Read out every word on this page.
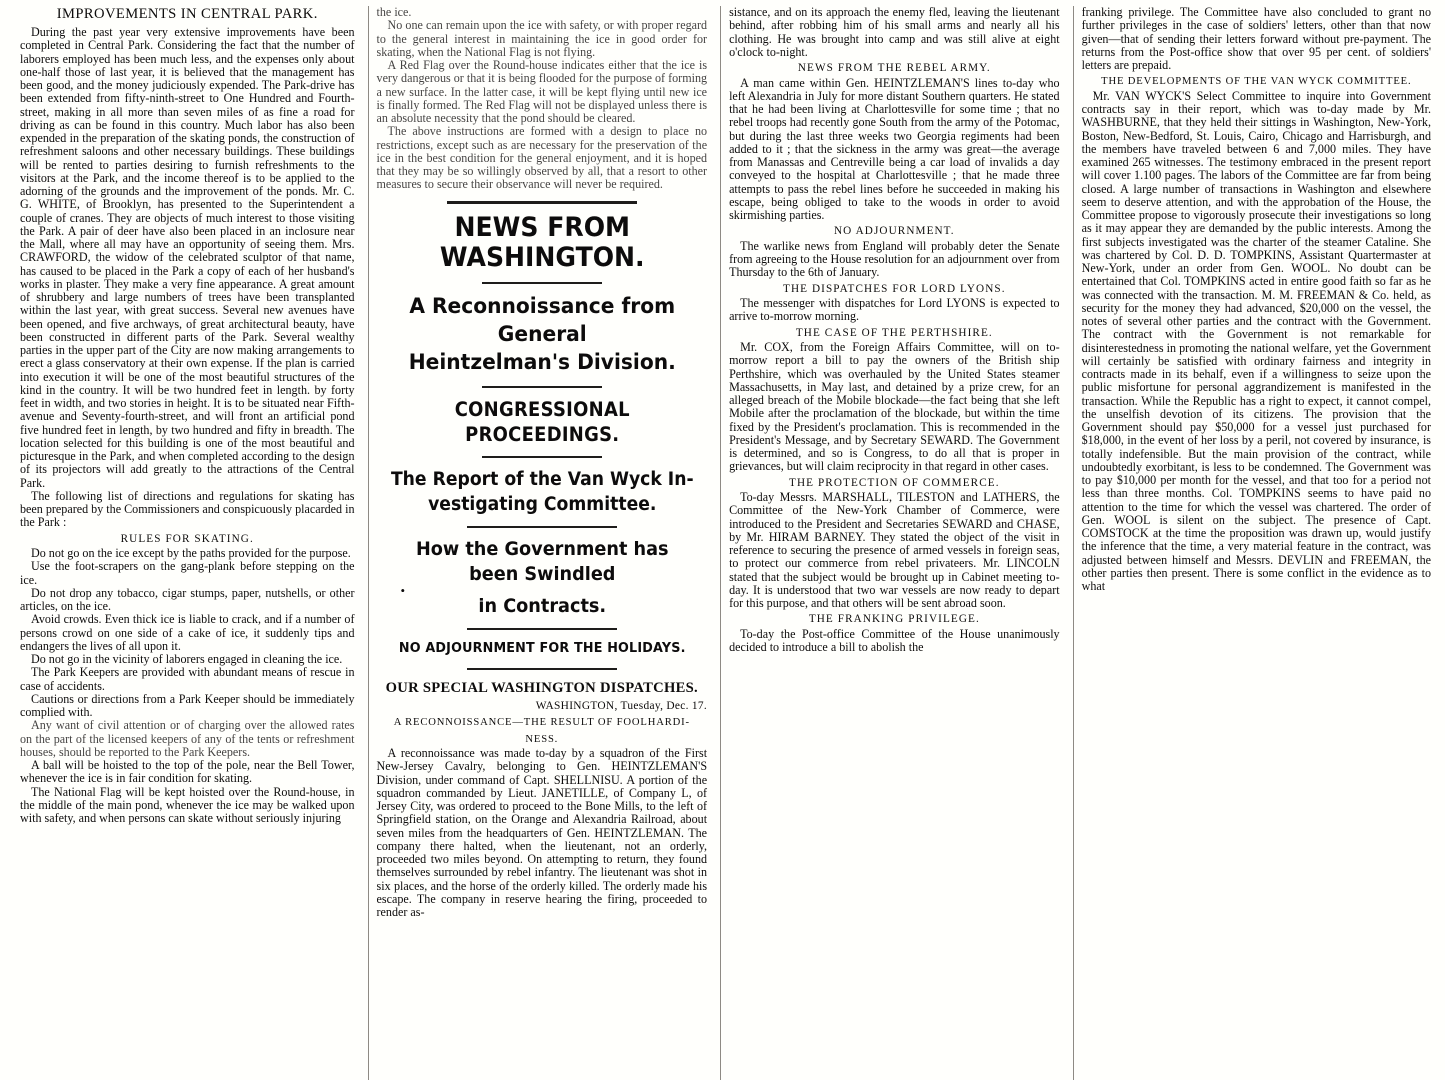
IMPROVEMENTS IN CENTRAL PARK.

During the past year very extensive improvements have been completed in Central Park. Considering the fact that the number of laborers employed has been much less, and the expenses only about one-half those of last year, it is believed that the management has been good, and the money judiciously expended. The Park-drive has been extended from fifty-ninth-street to One Hundred and Fourth-street, making in all more than seven miles of as fine a road for driving as can be found in this country. Much labor has also been expended in the preparation of the skating ponds, the construction of refreshment saloons and other necessary buildings. These buildings will be rented to parties desiring to furnish refreshments to the visitors at the Park, and the income thereof is to be applied to the adorning of the grounds and the improvement of the ponds. Mr. C. G. WHITE, of Brooklyn, has presented to the Superintendent a couple of cranes. They are objects of much interest to those visiting the Park. A pair of deer have also been placed in an inclosure near the Mall, where all may have an opportunity of seeing them. Mrs. CRAWFORD, the widow of the celebrated sculptor of that name, has caused to be placed in the Park a copy of each of her husband's works in plaster. They make a very fine appearance. A great amount of shrubbery and large numbers of trees have been transplanted within the last year, with great success. Several new avenues have been opened, and five archways, of great architectural beauty, have been constructed in different parts of the Park. Several wealthy parties in the upper part of the City are now making arrangements to erect a glass conservatory at their own expense. If the plan is carried into execution it will be one of the most beautiful structures of the kind in the country. It will be two hundred feet in length. by forty feet in width, and two stories in height. It is to be situated near Fifth-avenue and Seventy-fourth-street, and will front an artificial pond five hundred feet in length, by two hundred and fifty in breadth. The location selected for this building is one of the most beautiful and picturesque in the Park, and when completed according to the design of its projectors will add greatly to the attractions of the Central Park.

The following list of directions and regulations for skating has been prepared by the Commissioners and conspicuously placarded in the Park :

RULES FOR SKATING.

Do not go on the ice except by the paths provided for the purpose.

Use the foot-scrapers on the gang-plank before stepping on the ice.

Do not drop any tobacco, cigar stumps, paper, nutshells, or other articles, on the ice.

Avoid crowds. Even thick ice is liable to crack, and if a number of persons crowd on one side of a cake of ice, it suddenly tips and endangers the lives of all upon it.

Do not go in the vicinity of laborers engaged in cleaning the ice.

The Park Keepers are provided with abundant means of rescue in case of accidents.

Cautions or directions from a Park Keeper should be immediately complied with.

Any want of civil attention or of charging over the allowed rates on the part of the licensed keepers of any of the tents or refreshment houses, should be reported to the Park Keepers.

A ball will be hoisted to the top of the pole, near the Bell Tower, whenever the ice is in fair condition for skating.

The National Flag will be kept hoisted over the Round-house, in the middle of the main pond, whenever the ice may be walked upon with safety, and when persons can skate without seriously injuring

the ice.

No one can remain upon the ice with safety, or with proper regard to the general interest in maintaining the ice in good order for skating, when the National Flag is not flying.

A Red Flag over the Round-house indicates either that the ice is very dangerous or that it is being flooded for the purpose of forming a new surface. In the latter case, it will be kept flying until new ice is finally formed. The Red Flag will not be displayed unless there is an absolute necessity that the pond should be cleared.

The above instructions are formed with a design to place no restrictions, except such as are necessary for the preservation of the ice in the best condition for the general enjoyment, and it is hoped that they may be so willingly observed by all, that a resort to other measures to secure their observance will never be required.

NEWS FROM WASHINGTON.
A Reconnoissance from General
Heintzelman's Division.
CONGRESSIONAL PROCEEDINGS.
The Report of the Van Wyck In-
vestigating Committee.
How the Government has been Swindled
•
in Contracts.
NO ADJOURNMENT FOR THE HOLIDAYS.
OUR SPECIAL WASHINGTON DISPATCHES.
WASHINGTON, Tuesday, Dec. 17.
A RECONNOISSANCE—THE RESULT OF FOOLHARDI-
NESS.

A reconnoissance was made to-day by a squadron of the First New-Jersey Cavalry, belonging to Gen. HEINTZLEMAN'S Division, under command of Capt. SHELLNISU. A portion of the squadron commanded by Lieut. JANETILLE, of Company L, of Jersey City, was ordered to proceed to the Bone Mills, to the left of Springfield station, on the Orange and Alexandria Railroad, about seven miles from the headquarters of Gen. HEINTZLEMAN. The company there halted, when the lieutenant, not an orderly, proceeded two miles beyond. On attempting to return, they found themselves surrounded by rebel infantry. The lieutenant was shot in six places, and the horse of the orderly killed. The orderly made his escape. The company in reserve hearing the firing, proceeded to render as-

sistance, and on its approach the enemy fled, leaving the lieutenant behind, after robbing him of his small arms and nearly all his clothing. He was brought into camp and was still alive at eight o'clock to-night.

NEWS FROM THE REBEL ARMY.

A man came within Gen. HEINTZLEMAN'S lines to-day who left Alexandria in July for more distant Southern quarters. He stated that he had been living at Charlottesville for some time ; that no rebel troops had recently gone South from the army of the Potomac, but during the last three weeks two Georgia regiments had been added to it ; that the sickness in the army was great—the average from Manassas and Centreville being a car load of invalids a day conveyed to the hospital at Charlottesville ; that he made three attempts to pass the rebel lines before he succeeded in making his escape, being obliged to take to the woods in order to avoid skirmishing parties.

NO ADJOURNMENT.

The warlike news from England will probably deter the Senate from agreeing to the House resolution for an adjournment over from Thursday to the 6th of January.

THE DISPATCHES FOR LORD LYONS.

The messenger with dispatches for Lord LYONS is expected to arrive to-morrow morning.

THE CASE OF THE PERTHSHIRE.

Mr. COX, from the Foreign Affairs Committee, will on to-morrow report a bill to pay the owners of the British ship Perthshire, which was overhauled by the United States steamer Massachusetts, in May last, and detained by a prize crew, for an alleged breach of the Mobile blockade—the fact being that she left Mobile after the proclamation of the blockade, but within the time fixed by the President's proclamation. This is recommended in the President's Message, and by Secretary SEWARD. The Government is determined, and so is Congress, to do all that is proper in grievances, but will claim reciprocity in that regard in other cases.

THE PROTECTION OF COMMERCE.

To-day Messrs. MARSHALL, TILESTON and LATHERS, the Committee of the New-York Chamber of Commerce, were introduced to the President and Secretaries SEWARD and CHASE, by Mr. HIRAM BARNEY. They stated the object of the visit in reference to securing the presence of armed vessels in foreign seas, to protect our commerce from rebel privateers. Mr. LINCOLN stated that the subject would be brought up in Cabinet meeting to-day. It is understood that two war vessels are now ready to depart for this purpose, and that others will be sent abroad soon.

THE FRANKING PRIVILEGE.

To-day the Post-office Committee of the House unanimously decided to introduce a bill to abolish the

franking privilege. The Committee have also concluded to grant no further privileges in the case of soldiers' letters, other than that now given—that of sending their letters forward without pre-payment. The returns from the Post-office show that over 95 per cent. of soldiers' letters are prepaid.

THE DEVELOPMENTS OF THE VAN WYCK COMMITTEE.

Mr. VAN WYCK'S Select Committee to inquire into Government contracts say in their report, which was to-day made by Mr. WASHBURNE, that they held their sittings in Washington, New-York, Boston, New-Bedford, St. Louis, Cairo, Chicago and Harrisburgh, and the members have traveled between 6 and 7,000 miles. They have examined 265 witnesses. The testimony embraced in the present report will cover 1.100 pages. The labors of the Committee are far from being closed. A large number of transactions in Washington and elsewhere seem to deserve attention, and with the approbation of the House, the Committee propose to vigorously prosecute their investigations so long as it may appear they are demanded by the public interests. Among the first subjects investigated was the charter of the steamer Cataline. She was chartered by Col. D. D. TOMPKINS, Assistant Quartermaster at New-York, under an order from Gen. WOOL. No doubt can be entertained that Col. TOMPKINS acted in entire good faith so far as he was connected with the transaction. M. M. FREEMAN & Co. held, as security for the money they had advanced, $20,000 on the vessel, the notes of several other parties and the contract with the Government. The contract with the Government is not remarkable for disinterestedness in promoting the national welfare, yet the Government will certainly be satisfied with ordinary fairness and integrity in contracts made in its behalf, even if a willingness to seize upon the public misfortune for personal aggrandizement is manifested in the transaction. While the Republic has a right to expect, it cannot compel, the unselfish devotion of its citizens. The provision that the Government should pay $50,000 for a vessel just purchased for $18,000, in the event of her loss by a peril, not covered by insurance, is totally indefensible. But the main provision of the contract, while undoubtedly exorbitant, is less to be condemned. The Government was to pay $10,000 per month for the vessel, and that too for a period not less than three months. Col. TOMPKINS seems to have paid no attention to the time for which the vessel was chartered. The order of Gen. WOOL is silent on the subject. The presence of Capt. COMSTOCK at the time the proposition was drawn up, would justify the inference that the time, a very material feature in the contract, was adjusted between himself and Messrs. DEVLIN and FREEMAN, the other parties then present. There is some conflict in the evidence as to what
